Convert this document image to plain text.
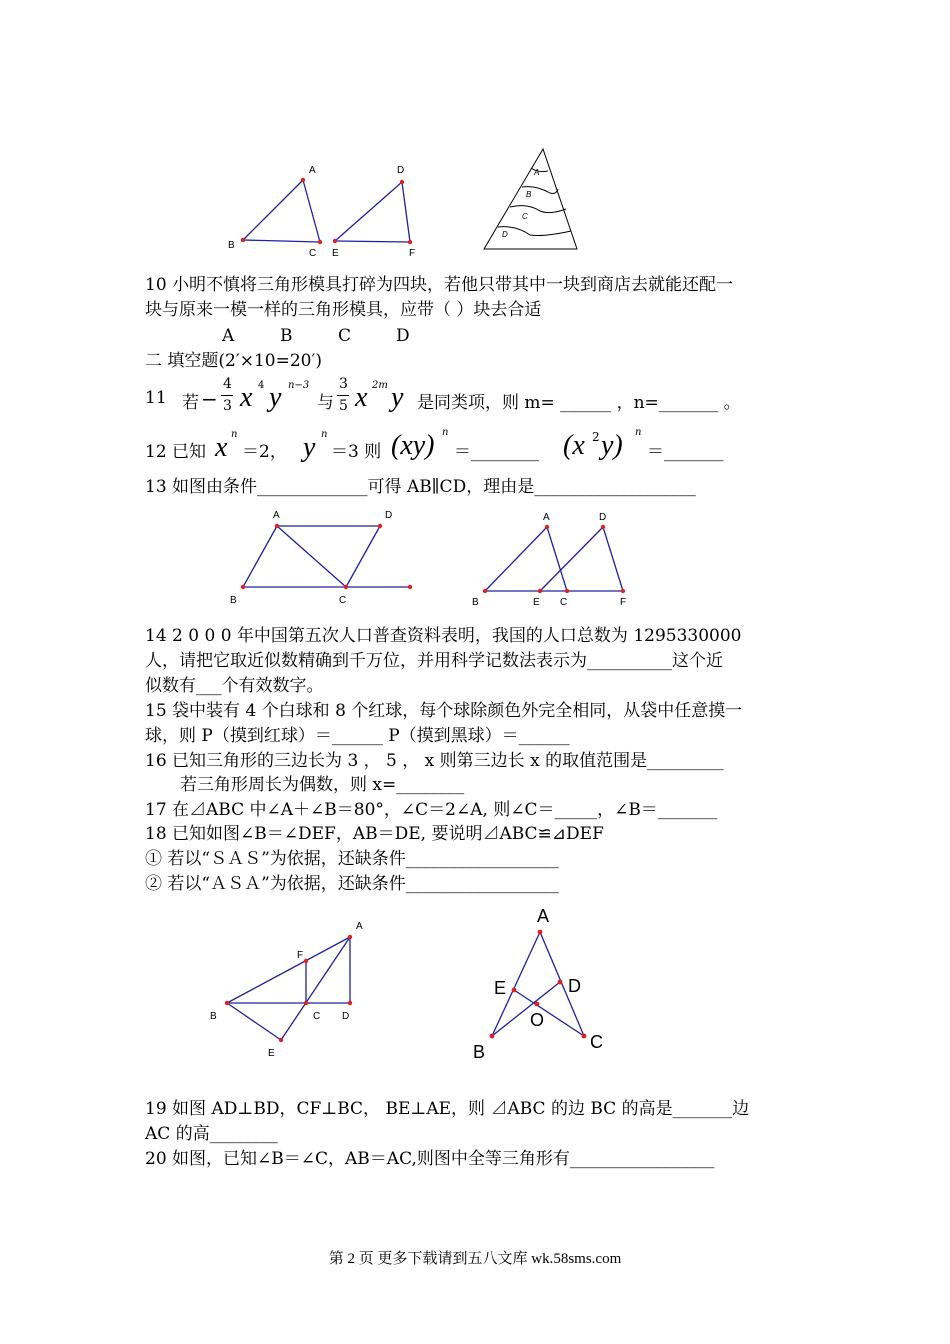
A	D
B
C E	F
A
B
C
D
10 小明不慎将三角形模具打碎为四块，若他只带其中一块到商店去就能还配一
块与原来一模一样的三角形模具，应带（ ）块去合适
A	B	C	D
二 填空题(2′×10=20′)
11 若 −
4
3 x 4 y n−3
与
3
5 x 2m y 是同类项，则 m= ______ ，n=_______ 。
12 已知 x n
＝2， y n
＝3 则 (xy) n
＝________ (x 2 y) n
＝_______
13 如图由条件_____________可得 AB∥CD，理由是___________________
A	D
B	C
A	D
B	E C	F
14 2 0 0 0 年中国第五次人口普查资料表明，我国的人口总数为 1295330000
人，请把它取近似数精确到千万位，并用科学记数法表示为__________这个近
似数有___个有效数字。
15 袋中装有 4 个白球和 8 个红球，每个球除颜色外完全相同，从袋中任意摸一
球，则 P（摸到红球）＝______ P（摸到黑球）＝______
16 已知三角形的三边长为 3 ， 5 ， x 则第三边长 x 的取值范围是_________
若三角形周长为偶数，则 x=________
17 在⊿ABC 中∠A＋∠B＝80°，∠C＝2∠A, 则∠C＝_____，∠B＝_______
18 已知如图∠B＝∠DEF，AB＝DE, 要说明⊿ABC≌⊿DEF
① 若以“ＳＡＳ”为依据，还缺条件__________________
② 若以“ＡＳＡ”为依据，还缺条件__________________
A
F
B	C D
E
A
E	D
O
B	C
19 如图 AD⊥BD，CF⊥BC， BE⊥AE，则 ⊿ABC 的边 BC 的高是_______边
AC 的高________
20 如图，已知∠B＝∠C，AB＝AC,则图中全等三角形有_________________
第 2 页 更多下载请到五八文库 wk.58sms.com
